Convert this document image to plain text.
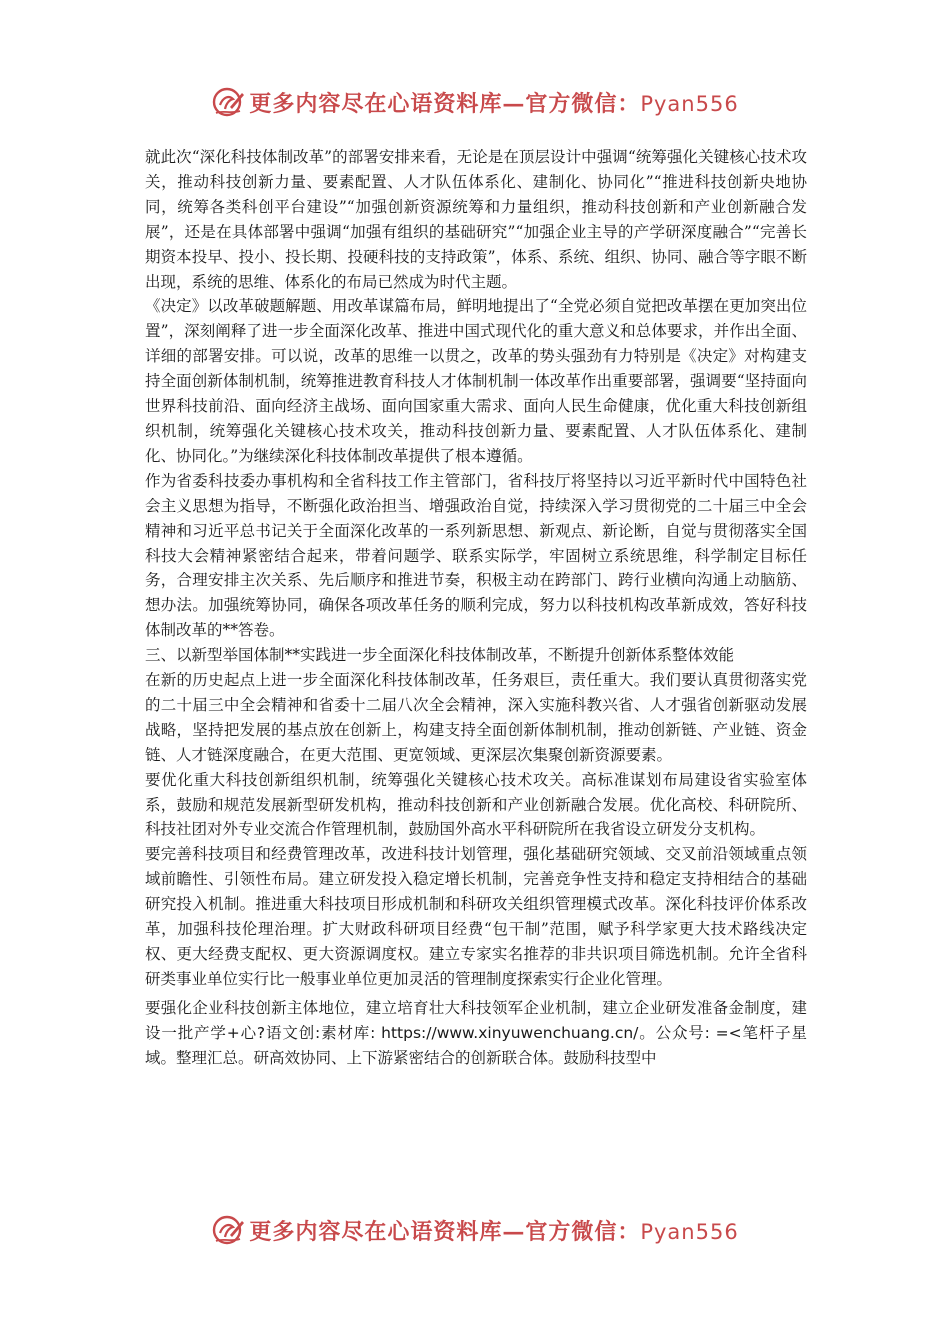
更多内容尽在心语资料库—官方微信：Pyan556

就此次“深化科技体制改革”的部署安排来看，无论是在顶层设计中强调“统筹强化关键核心技术攻关，推动科技创新力量、要素配置、人才队伍体系化、建制化、协同化”“推进科技创新央地协同，统筹各类科创平台建设”“加强创新资源统筹和力量组织，推动科技创新和产业创新融合发展”，还是在具体部署中强调“加强有组织的基础研究”“加强企业主导的产学研深度融合”“完善长期资本投早、投小、投长期、投硬科技的支持政策”，体系、系统、组织、协同、融合等字眼不断出现，系统的思维、体系化的布局已然成为时代主题。

《决定》以改革破题解题、用改革谋篇布局，鲜明地提出了“全党必须自觉把改革摆在更加突出位置”，深刻阐释了进一步全面深化改革、推进中国式现代化的重大意义和总体要求，并作出全面、详细的部署安排。可以说，改革的思维一以贯之，改革的势头强劲有力特别是《决定》对构建支持全面创新体制机制，统筹推进教育科技人才体制机制一体改革作出重要部署，强调要“坚持面向世界科技前沿、面向经济主战场、面向国家重大需求、面向人民生命健康，优化重大科技创新组织机制，统筹强化关键核心技术攻关，推动科技创新力量、要素配置、人才队伍体系化、建制化、协同化。”为继续深化科技体制改革提供了根本遵循。

作为省委科技委办事机构和全省科技工作主管部门，省科技厅将坚持以习近平新时代中国特色社会主义思想为指导，不断强化政治担当、增强政治自觉，持续深入学习贯彻党的二十届三中全会精神和习近平总书记关于全面深化改革的一系列新思想、新观点、新论断，自觉与贯彻落实全国科技大会精神紧密结合起来，带着问题学、联系实际学，牢固树立系统思维，科学制定目标任务，合理安排主次关系、先后顺序和推进节奏，积极主动在跨部门、跨行业横向沟通上动脑筋、想办法。加强统筹协同，确保各项改革任务的顺利完成，努力以科技机构改革新成效，答好科技体制改革的**答卷。

三、以新型举国体制**实践进一步全面深化科技体制改革，不断提升创新体系整体效能

在新的历史起点上进一步全面深化科技体制改革，任务艰巨，责任重大。我们要认真贯彻落实党的二十届三中全会精神和省委十二届八次全会精神，深入实施科教兴省、人才强省创新驱动发展战略，坚持把发展的基点放在创新上，构建支持全面创新体制机制，推动创新链、产业链、资金链、人才链深度融合，在更大范围、更宽领域、更深层次集聚创新资源要素。

要优化重大科技创新组织机制，统筹强化关键核心技术攻关。高标准谋划布局建设省实验室体系，鼓励和规范发展新型研发机构，推动科技创新和产业创新融合发展。优化高校、科研院所、科技社团对外专业交流合作管理机制，鼓励国外高水平科研院所在我省设立研发分支机构。

要完善科技项目和经费管理改革，改进科技计划管理，强化基础研究领域、交叉前沿领域重点领域前瞻性、引领性布局。建立研发投入稳定增长机制，完善竞争性支持和稳定支持相结合的基础研究投入机制。推进重大科技项目形成机制和科研攻关组织管理模式改革。深化科技评价体系改革，加强科技伦理治理。扩大财政科研项目经费“包干制”范围，赋予科学家更大技术路线决定权、更大经费支配权、更大资源调度权。建立专家实名推荐的非共识项目筛选机制。允许全省科研类事业单位实行比一般事业单位更加灵活的管理制度探索实行企业化管理。

要强化企业科技创新主体地位，建立培育壮大科技领军企业机制，建立企业研发准备金制度，建设一批产学+心?语文创:素材库: https://www.xinyuwenchuang.cn/。公众号: =<笔杆子星域。整理汇总。研高效协同、上下游紧密结合的创新联合体。鼓励科技型中

更多内容尽在心语资料库—官方微信：Pyan556
